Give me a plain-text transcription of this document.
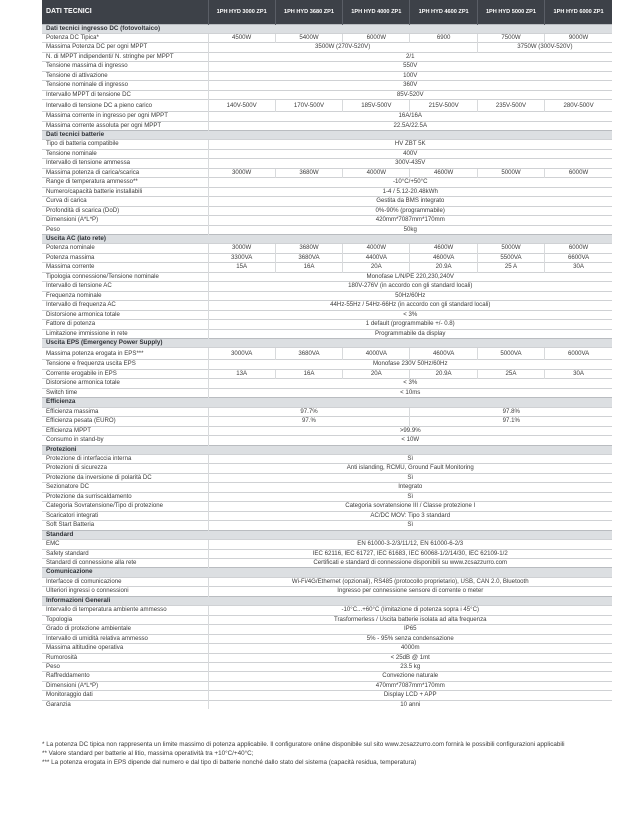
DATI TECNICI	1PH HYD 3000 ZP1	1PH HYD 3680 ZP1	1PH HYD 4000 ZP1	1PH HYD 4600 ZP1	1PH HYD 5000 ZP1	1PH HYD 6000 ZP1
Dati tecnici ingresso DC (fotovoltaico)						
Potenza DC Tipica*	4500W	5400W	6000W	6900	7500W	9000W
Massima Potenza DC per ogni MPPT	3500W (270V-520V)				3750W (300V-520V)	
N. di MPPT indipendenti/ N. stringhe per MPPT	2/1					
Tensione massima di ingresso	550V					
Tensione di attivazione	100V					
Tensione nominale di ingresso	360V					
Intervallo MPPT di tensione DC	85V-520V					
Intervallo di tensione DC a pieno carico	140V-500V	170V-500V	185V-500V	215V-500V	235V-500V	280V-500V
Massima corrente in ingresso per ogni MPPT	16A/16A					
Massima corrente assoluta per ogni MPPT	22.5A/22.5A					
Dati tecnici batterie						
Tipo di batteria compatibile	HV ZBT 5K					
Tensione nominale	400V					
Intervallo di tensione ammessa	300V-435V					
Massima potenza di carica/scarica	3000W	3680W	4000W	4600W	5000W	6000W
Range di temperatura ammesso**	-10°C/+50°C					
Numero/capacità batterie installabili	1-4 / 5.12-20.48kWh					
Curva di carica	Gestita da BMS integrato					
Profondità di scarica (DoD)	0%-90% (programmabile)					
Dimensioni (A*L*P)	420mm*7087mm*170mm					
Peso	50kg					
Uscita AC (lato rete)						
Potenza nominale	3000W	3680W	4000W	4600W	5000W	6000W
Potenza massima	3300VA	3680VA	4400VA	4600VA	5500VA	6600VA
Massima corrente	15A	16A	20A	20.9A	25 A	30A
Tipologia connessione/Tensione nominale	Monofase L/N/PE 220,230,240V					
Intervallo di tensione AC	180V-276V (in accordo con gli standard locali)					
Frequenza nominale	50Hz/60Hz					
Intervallo di frequenza AC	44Hz-55Hz / 54Hz-66Hz (in accordo con gli standard locali)					
Distorsione armonica totale	< 3%					
Fattore di potenza	1 default (programmabile +/- 0.8)					
Limitazione immissione in rete	Programmabile da display					
Uscita EPS (Emergency Power Supply)						
Massima potenza erogata in EPS***	3000VA	3680VA	4000VA	4600VA	5000VA	6000VA
Tensione e frequenza uscita EPS	Monofase 230V 50Hz/60Hz					
Corrente erogabile in EPS	13A	16A	20A	20.9A	25A	30A
Distorsione armonica totale	< 3%					
Switch time	< 10ms					
Efficienza						
Efficienza massima	97.7%			97.8%		
Efficienza pesata (EURO)	97.%			97.1%		
Efficienza MPPT	>99.9%					
Consumo in stand-by	< 10W					
Protezioni						
Protezione di interfaccia interna	Sì					
Protezioni di sicurezza	Anti islanding, RCMU, Ground Fault Monitoring					
Protezione da inversione di polarità DC	Sì					
Sezionatore DC	Integrato					
Protezione da surriscaldamento	Sì					
Categoria Sovratensione/Tipo di protezione	Categoria sovratensione III / Classe protezione I					
Scaricatori integrati	AC/DC MOV: Tipo 3 standard					
Soft Start Batteria	Sì					
Standard						
EMC	EN 61000-3-2/3/11/12, EN 61000-6-2/3					
Safety standard	IEC 62116, IEC 61727, IEC 61683, IEC 60068-1/2/14/30, IEC 62109-1/2					
Standard di connessione alla rete	Certificati e standard di connessione disponibili su www.zcsazzurro.com					
Comunicazione						
Interfacce di comunicazione	Wi-Fi/4G/Ethernet (opzionali), RS485 (protocollo proprietario), USB, CAN 2.0, Bluetooth					
Ulteriori ingressi o connessioni	Ingresso per connessione sensore di corrente o meter					
Informazioni Generali						
Intervallo di temperatura ambiente ammesso	-10°C...+60°C (limitazione di potenza sopra i 45°C)					
Topologia	Trasformerless / Uscita batterie isolata ad alta frequenza					
Grado di protezione ambientale	IP65					
Intervallo di umidità relativa ammesso	5% - 95% senza condensazione					
Massima altitudine operativa	4000m					
Rumorosità	< 25dB @ 1mt					
Peso	23.5 kg					
Raffreddamento	Convezione naturale					
Dimensioni (A*L*P)	470mm*7087mm*170mm					
Monitoraggio dati	Display LCD + APP					
Garanzia	10 anni					

* La potenza DC tipica non rappresenta un limite massimo di potenza applicabile. Il configuratore online disponibile sul sito www.zcsazzurro.com fornirà le possibili configurazioni applicabili

** Valore standard per batterie al litio, massima operatività tra +10°C/+40°C;

*** La potenza erogata in EPS dipende dal numero e dal tipo di batterie nonché dallo stato del sistema (capacità residua, temperatura)
